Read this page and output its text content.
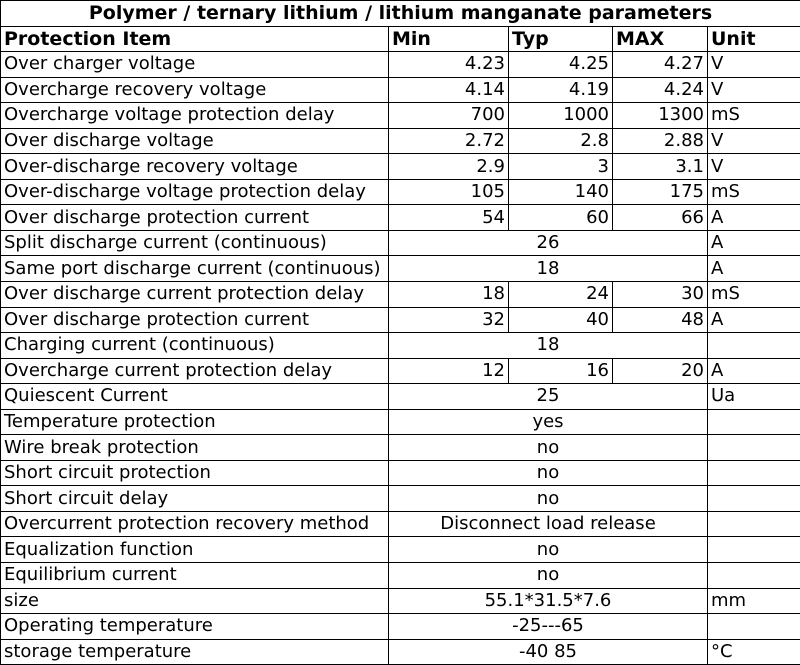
Polymer / ternary lithium / lithium manganate parameters				
Protection Item	Min	Typ	MAX	Unit
Over charger voltage	4.23	4.25	4.27	V
Overcharge recovery voltage	4.14	4.19	4.24	V
Overcharge voltage protection delay	700	1000	1300	mS
Over discharge voltage	2.72	2.8	2.88	V
Over-discharge recovery voltage	2.9	3	3.1	V
Over-discharge voltage protection delay	105	140	175	mS
Over discharge protection current	54	60	66	A
Split discharge current (continuous)	26			A
Same port discharge current (continuous)	18			A
Over discharge current protection delay	18	24	30	mS
Over discharge protection current	32	40	48	A
Charging current (continuous)	18			
Overcharge current protection delay	12	16	20	A
Quiescent Current	25			Ua
Temperature protection	yes			
Wire break protection	no			
Short circuit protection	no			
Short circuit delay	no			
Overcurrent protection recovery method	Disconnect load release			
Equalization function	no			
Equilibrium current	no			
size	55.1*31.5*7.6			mm
Operating temperature	-25---65			
storage temperature	-40 85			°C
